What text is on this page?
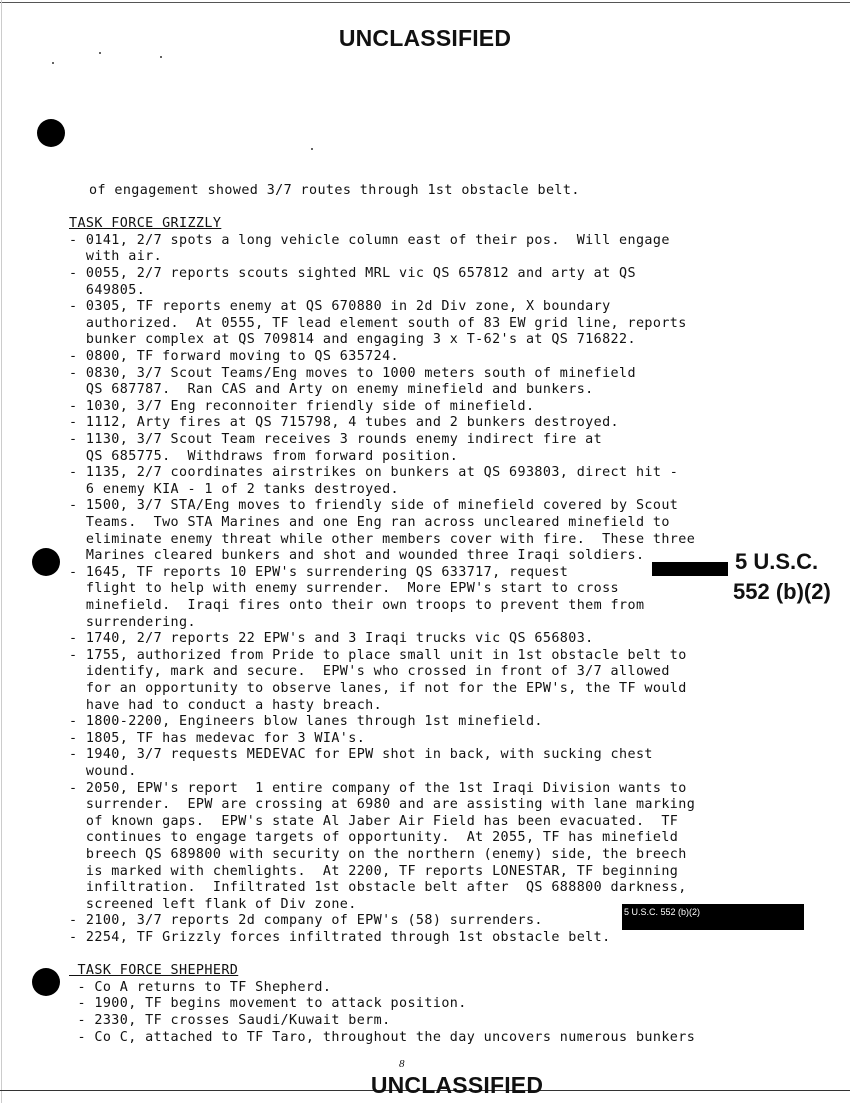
UNCLASSIFIED
of engagement showed 3/7 routes through 1st obstacle belt.
TASK FORCE GRIZZLY
- 0141, 2/7 spots a long vehicle column east of their pos.  Will engage
with air.
- 0055, 2/7 reports scouts sighted MRL vic QS 657812 and arty at QS
649805.
- 0305, TF reports enemy at QS 670880 in 2d Div zone, X boundary
authorized.  At 0555, TF lead element south of 83 EW grid line, reports
bunker complex at QS 709814 and engaging 3 x T-62's at QS 716822.
- 0800, TF forward moving to QS 635724.
- 0830, 3/7 Scout Teams/Eng moves to 1000 meters south of minefield
QS 687787.  Ran CAS and Arty on enemy minefield and bunkers.
- 1030, 3/7 Eng reconnoiter friendly side of minefield.
- 1112, Arty fires at QS 715798, 4 tubes and 2 bunkers destroyed.
- 1130, 3/7 Scout Team receives 3 rounds enemy indirect fire at
QS 685775.  Withdraws from forward position.
- 1135, 2/7 coordinates airstrikes on bunkers at QS 693803, direct hit -
6 enemy KIA - 1 of 2 tanks destroyed.
- 1500, 3/7 STA/Eng moves to friendly side of minefield covered by Scout
Teams.  Two STA Marines and one Eng ran across uncleared minefield to
eliminate enemy threat while other members cover with fire.  These three
Marines cleared bunkers and shot and wounded three Iraqi soldiers.
- 1645, TF reports 10 EPW's surrendering QS 633717, request
flight to help with enemy surrender.  More EPW's start to cross
minefield.  Iraqi fires onto their own troops to prevent them from
surrendering.
- 1740, 2/7 reports 22 EPW's and 3 Iraqi trucks vic QS 656803.
- 1755, authorized from Pride to place small unit in 1st obstacle belt to
identify, mark and secure.  EPW's who crossed in front of 3/7 allowed
for an opportunity to observe lanes, if not for the EPW's, the TF would
have had to conduct a hasty breach.
- 1800-2200, Engineers blow lanes through 1st minefield.
- 1805, TF has medevac for 3 WIA's.
- 1940, 3/7 requests MEDEVAC for EPW shot in back, with sucking chest
wound.
- 2050, EPW's report  1 entire company of the 1st Iraqi Division wants to
surrender.  EPW are crossing at 6980 and are assisting with lane marking
of known gaps.  EPW's state Al Jaber Air Field has been evacuated.  TF
continues to engage targets of opportunity.  At 2055, TF has minefield
breech QS 689800 with security on the northern (enemy) side, the breech
is marked with chemlights.  At 2200, TF reports LONESTAR, TF beginning
infiltration.  Infiltrated 1st obstacle belt after  QS 688800 darkness,
screened left flank of Div zone.
- 2100, 3/7 reports 2d company of EPW's (58) surrenders.
- 2254, TF Grizzly forces infiltrated through 1st obstacle belt.
TASK FORCE SHEPHERD
- Co A returns to TF Shepherd.
- 1900, TF begins movement to attack position.
- 2330, TF crosses Saudi/Kuwait berm.
- Co C, attached to TF Taro, throughout the day uncovers numerous bunkers
5 U.S.C.
552 (b)(2)
5 U.S.C. 552 (b)(2)
8
UNCLASSIFIED
